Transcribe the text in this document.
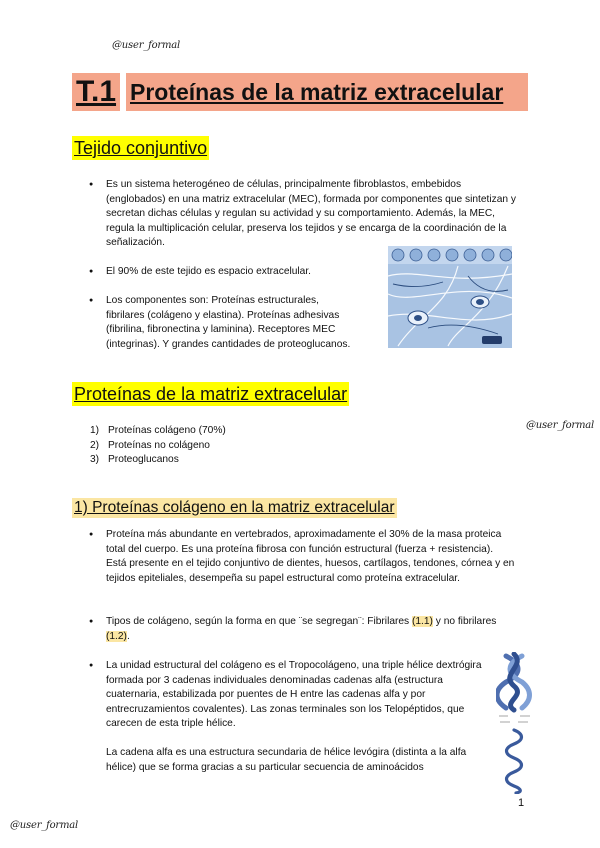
@user_formal
@user_formal
@user_formal
T.1 Proteínas de la matriz extracelular
Tejido conjuntivo
● Es un sistema heterogéneo de células, principalmente fibroblastos, embebidos (englobados) en una matriz extracelular (MEC), formada por componentes que sintetizan y secretan dichas células y regulan su actividad y su comportamiento. Además, la MEC, regula la multiplicación celular, preserva los tejidos y se encarga de la coordinación de la señalización.
● El 90% de este tejido es espacio extracelular.
● Los componentes son: Proteínas estructurales, fibrilares (colágeno y elastina). Proteínas adhesivas (fibrilina, fibronectina y laminina). Receptores MEC (integrinas). Y grandes cantidades de proteoglucanos.
Proteínas de la matriz extracelular
1) Proteínas colágeno (70%)
2) Proteínas no colágeno
3) Proteoglucanos
1) Proteínas colágeno en la matriz extracelular
● Proteína más abundante en vertebrados, aproximadamente el 30% de la masa proteica total del cuerpo. Es una proteína fibrosa con función estructural (fuerza + resistencia). Está presente en el tejido conjuntivo de dientes, huesos, cartílagos, tendones, córnea y en tejidos epiteliales, desempeña su papel estructural como proteína extracelular.
● Tipos de colágeno, según la forma en que ¨se segregan¨: Fibrilares (1.1) y no fibrilares (1.2).
● La unidad estructural del colágeno es el Tropocolágeno, una triple hélice dextrógira formada por 3 cadenas individuales denominadas cadenas alfa (estructura cuaternaria, estabilizada por puentes de H entre las cadenas alfa y por entrecruzamientos covalentes). Las zonas terminales son los Telopéptidos, que carecen de esta triple hélice.
La cadena alfa es una estructura secundaria de hélice levógira (distinta a la alfa hélice) que se forma gracias a su particular secuencia de aminoácidos
1
